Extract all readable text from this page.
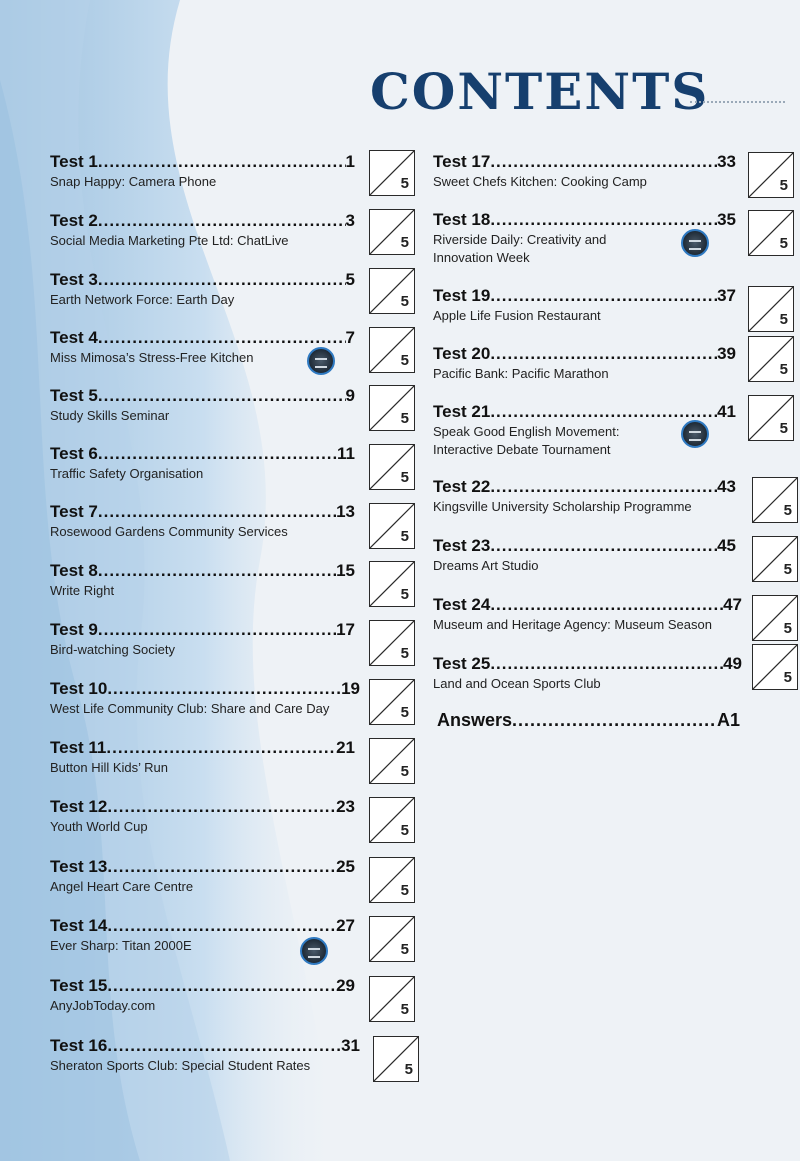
CONTENTS
Test 1 .....	1
Snap Happy: Camera Phone	5
Test 2 .....	3
Social Media Marketing Pte Ltd: ChatLive	5
Test 3 .....	5
Earth Network Force: Earth Day	5
Test 4 .....	7
Miss Mimosa’s Stress-Free Kitchen	5
Test 5 .....	9
Study Skills Seminar	5
Test 6 .....	11
Traffic Safety Organisation	5
Test 7 .....	13
Rosewood Gardens Community Services	5
Test 8 .....	15
Write Right	5
Test 9 .....	17
Bird-watching Society	5
Test 10 .....	19
West Life Community Club: Share and Care Day	5
Test 11 .....	21
Button Hill Kids’ Run	5
Test 12 .....	23
Youth World Cup	5
Test 13 .....	25
Angel Heart Care Centre	5
Test 14 .....	27
Ever Sharp: Titan 2000E	5
Test 15 .....	29
AnyJobToday.com	5
Test 16 .....	31
Sheraton Sports Club: Special Student Rates	5
Test 17 .....	33
Sweet Chefs Kitchen: Cooking Camp	5
Test 18 .....	35
Riverside Daily: Creativity and
Innovation Week
5
Test 19 .....	37
Apple Life Fusion Restaurant	5
Test 20 .....	39
Pacific Bank: Pacific Marathon	5
Test 21 .....	41
Speak Good English Movement:
Interactive Debate Tournament
5
Test 22 .....	43
Kingsville University Scholarship Programme	5
Test 23 .....	45
Dreams Art Studio	5
Test 24 .....	47
Museum and Heritage Agency: Museum Season	5
Test 25 .....	49
Land and Ocean Sports Club	5
Answers .....	A1
